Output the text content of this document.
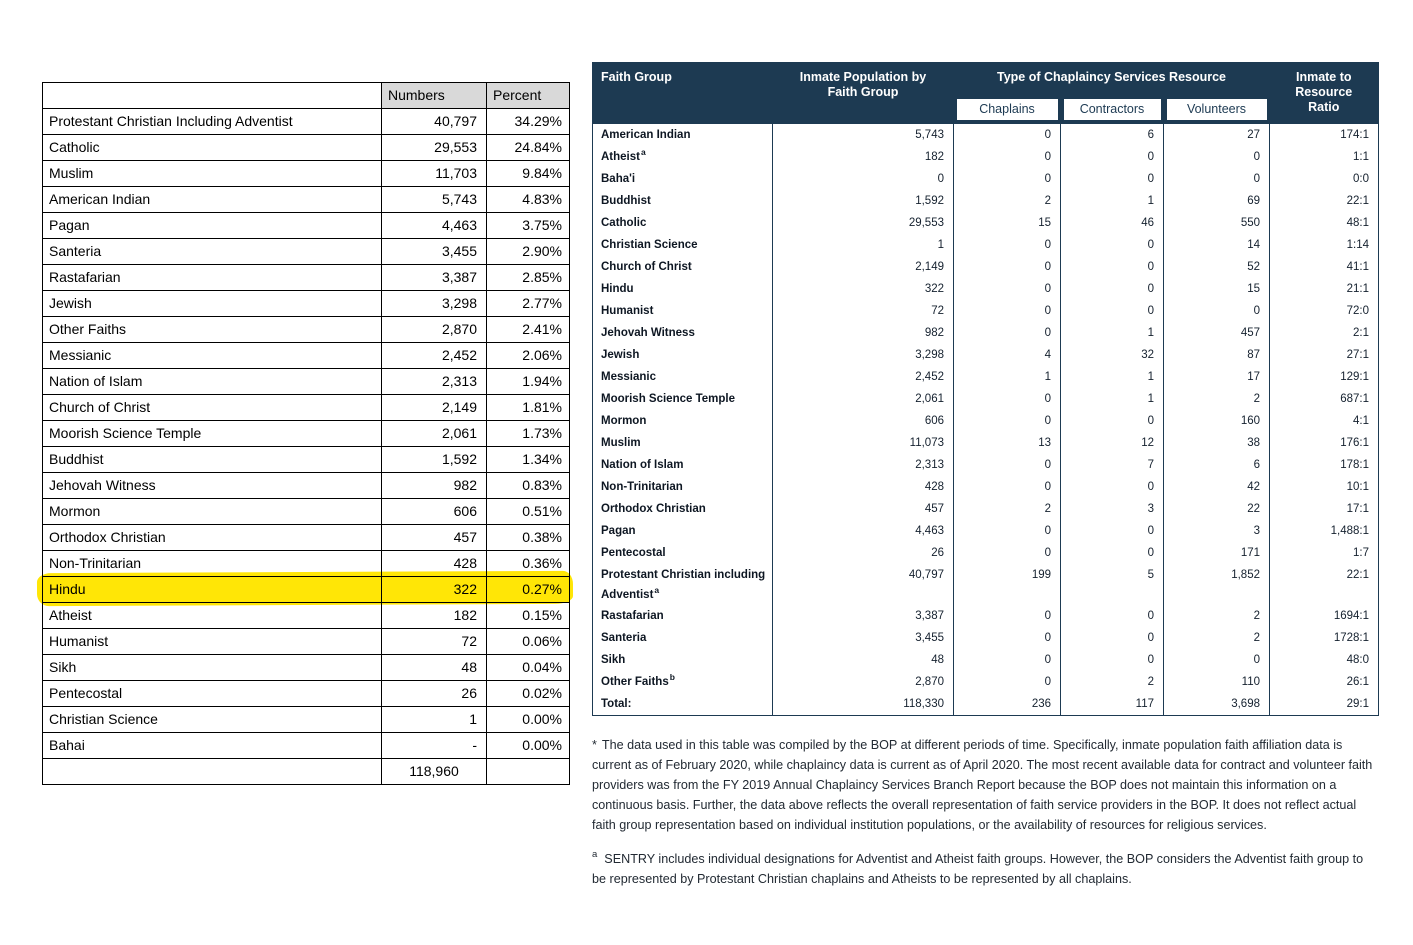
	Numbers	Percent
Protestant Christian Including Adventist	40,797	34.29%
Catholic	29,553	24.84%
Muslim	11,703	9.84%
American Indian	5,743	4.83%
Pagan	4,463	3.75%
Santeria	3,455	2.90%
Rastafarian	3,387	2.85%
Jewish	3,298	2.77%
Other Faiths	2,870	2.41%
Messianic	2,452	2.06%
Nation of Islam	2,313	1.94%
Church of Christ	2,149	1.81%
Moorish Science Temple	2,061	1.73%
Buddhist	1,592	1.34%
Jehovah Witness	982	0.83%
Mormon	606	0.51%
Orthodox Christian	457	0.38%
Non-Trinitarian	428	0.36%
Hindu	322	0.27%
Atheist	182	0.15%
Humanist	72	0.06%
Sikh	48	0.04%
Pentecostal	26	0.02%
Christian Science	1	0.00%
Bahai	-	0.00%
	118,960	
Faith Group	Inmate Population by Faith Group	Type of Chaplaincy Services Resource			Inmate to Resource Ratio

		Chaplains	Contractors	Volunteers	

American Indian	5,743	0	6	27	174:1
Atheist$^a$	182	0	0	0	1:1
Baha'i	0	0	0	0	0:0
Buddhist	1,592	2	1	69	22:1
Catholic	29,553	15	46	550	48:1
Christian Science	1	0	0	14	1:14
Church of Christ	2,149	0	0	52	41:1
Hindu	322	0	0	15	21:1
Humanist	72	0	0	0	72:0
Jehovah Witness	982	0	1	457	2:1
Jewish	3,298	4	32	87	27:1
Messianic	2,452	1	1	17	129:1
Moorish Science Temple	2,061	0	1	2	687:1
Mormon	606	0	0	160	4:1
Muslim	11,073	13	12	38	176:1
Nation of Islam	2,313	0	7	6	178:1
Non-Trinitarian	428	0	0	42	10:1
Orthodox Christian	457	2	3	22	17:1
Pagan	4,463	0	0	3	1,488:1
Pentecostal	26	0	0	171	1:7
Protestant Christian including Adventist$^a$	40,797	199	5	1,852	22:1
Rastafarian	3,387	0	0	2	1694:1
Santeria	3,455	0	0	2	1728:1
Sikh	48	0	0	0	48:0
Other Faiths$^b$	2,870	0	2	110	26:1
Total:	118,330	236	117	3,698	29:1

* The data used in this table was compiled by the BOP at different periods of time. Specifically, inmate population faith affiliation data is current as of February 2020, while chaplaincy data is current as of April 2020. The most recent available data for contract and volunteer faith providers was from the FY 2019 Annual Chaplaincy Services Branch Report because the BOP does not maintain this information on a continuous basis. Further, the data above reflects the overall representation of faith service providers in the BOP. It does not reflect actual faith group representation based on individual institution populations, or the availability of resources for religious services.

$^a$ SENTRY includes individual designations for Adventist and Atheist faith groups. However, the BOP considers the Adventist faith group to be represented by Protestant Christian chaplains and Atheists to be represented by all chaplains.
